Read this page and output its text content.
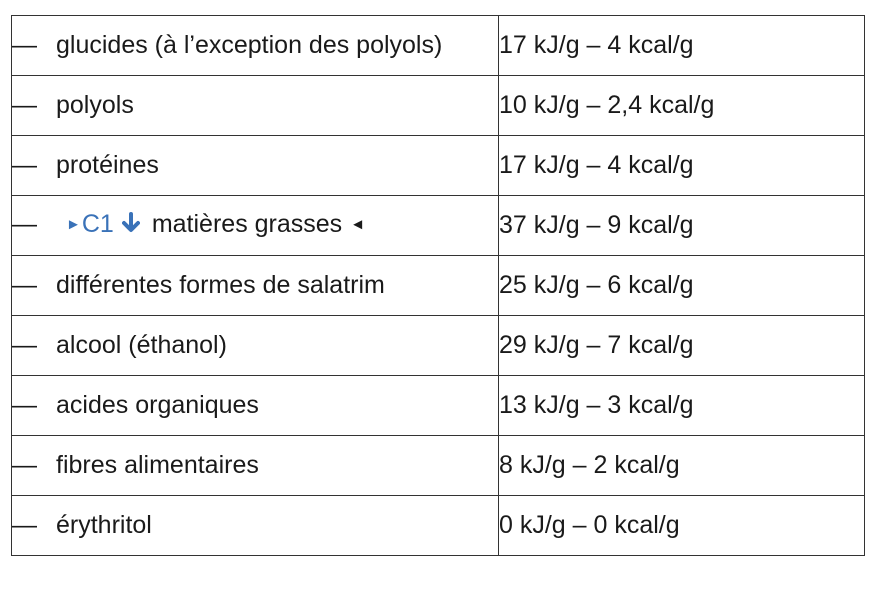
— glucides (à l’exception des polyols)	17 kJ/g – 4 kcal/g
— polyols	10 kJ/g – 2,4 kcal/g
— protéines	17 kJ/g – 4 kcal/g
— ►C1 matières grasses ◄	37 kJ/g – 9 kcal/g
— différentes formes de salatrim	25 kJ/g – 6 kcal/g
— alcool (éthanol)	29 kJ/g – 7 kcal/g
— acides organiques	13 kJ/g – 3 kcal/g
— fibres alimentaires	8 kJ/g – 2 kcal/g
— érythritol	0 kJ/g – 0 kcal/g
